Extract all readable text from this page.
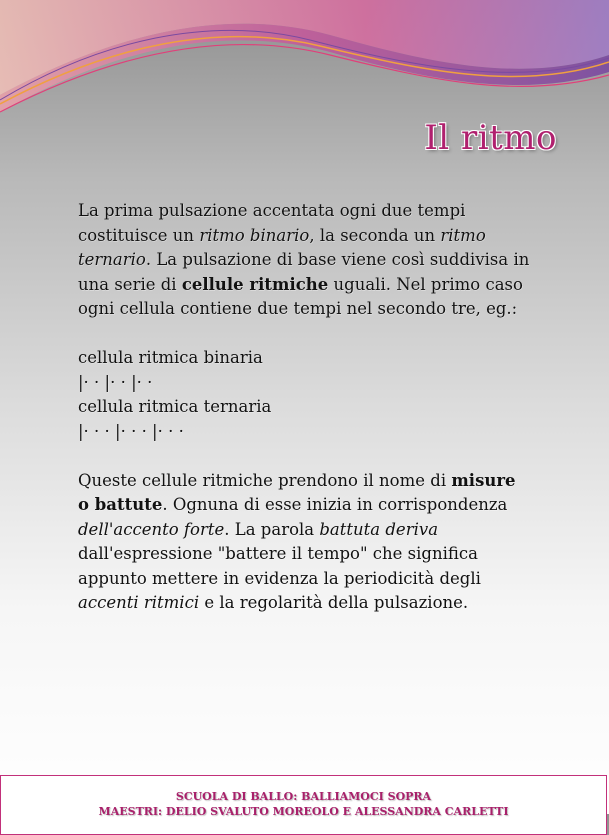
Il ritmo
La prima pulsazione accentata ogni due tempi
costituisce un ritmo binario, la seconda un ritmo
ternario. La pulsazione di base viene così suddivisa in
una serie di cellule ritmiche uguali. Nel primo caso
ogni cellula contiene due tempi nel secondo tre, eg.:
cellula ritmica binaria
|· · |· · |· ·
cellula ritmica ternaria
|· · · |· · · |· · ·
Queste cellule ritmiche prendono il nome di misure
o battute. Ognuna di esse inizia in corrispondenza
dell'accento forte. La parola battuta deriva
dall'espressione "battere il tempo" che significa
appunto mettere in evidenza la periodicità degli
accenti ritmici e la regolarità della pulsazione.
SCUOLA DI BALLO: BALLIAMOCI SOPRA
MAESTRI: DELIO SVALUTO MOREOLO E ALESSANDRA CARLETTI
